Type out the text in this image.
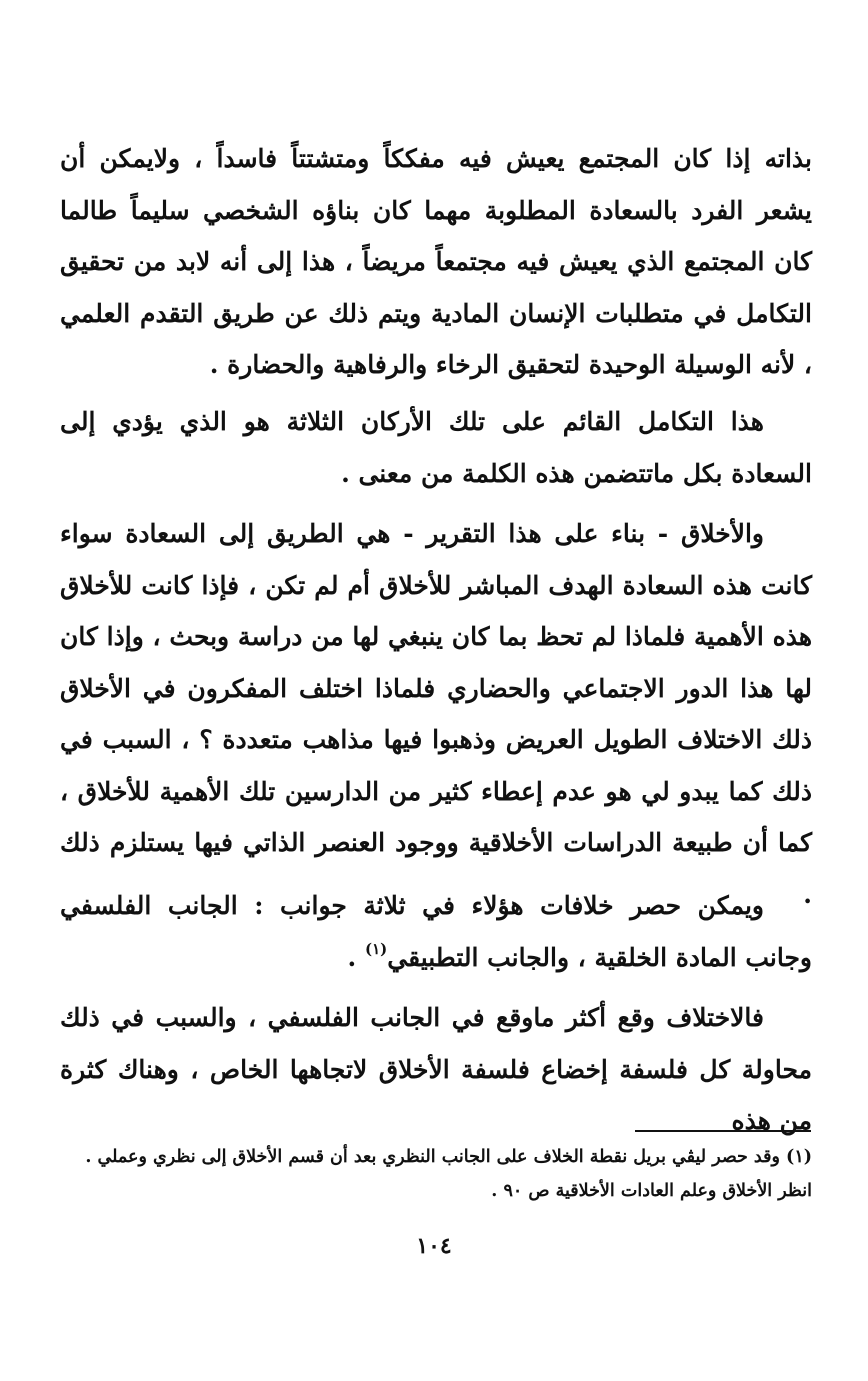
بذاته إذا كان المجتمع يعيش فيه مفككاً ومتشتتاً فاسداً ، ولايمكن أن يشعر الفرد بالسعادة المطلوبة مهما كان بناؤه الشخصي سليماً طالما كان المجتمع الذي يعيش فيه مجتمعاً مريضاً ، هذا إلى أنه لابد من تحقيق التكامل في متطلبات الإنسان المادية ويتم ذلك عن طريق التقدم العلمي ، لأنه الوسيلة الوحيدة لتحقيق الرخاء والرفاهية والحضارة .

هذا التكامل القائم على تلك الأركان الثلاثة هو الذي يؤدي إلى السعادة بكل ماتتضمن هذه الكلمة من معنى .

والأخلاق - بناء على هذا التقرير - هي الطريق إلى السعادة سواء كانت هذه السعادة الهدف المباشر للأخلاق أم لم تكن ، فإذا كانت للأخلاق هذه الأهمية فلماذا لم تحظ بما كان ينبغي لها من دراسة وبحث ، وإذا كان لها هذا الدور الاجتماعي والحضاري فلماذا اختلف المفكرون في الأخلاق ذلك الاختلاف الطويل العريض وذهبوا فيها مذاهب متعددة ؟ ، السبب في ذلك كما يبدو لي هو عدم إعطاء كثير من الدارسين تلك الأهمية للأخلاق ، كما أن طبيعة الدراسات الأخلاقية ووجود العنصر الذاتي فيها يستلزم ذلك .

ويمكن حصر خلافات هؤلاء في ثلاثة جوانب : الجانب الفلسفي وجانب المادة الخلقية ، والجانب التطبيقي$^{(١)}$ .

فالاختلاف وقع أكثر ماوقع في الجانب الفلسفي ، والسبب في ذلك محاولة كل فلسفة إخضاع فلسفة الأخلاق لاتجاهها الخاص ، وهناك كثرة من هذه

(١) وقد حصر ليڤي بريل نقطة الخلاف على الجانب النظري بعد أن قسم الأخلاق إلى نظري وعملي . انظر الأخلاق وعلم العادات الأخلاقية ص ٩٠ .

١٠٤
